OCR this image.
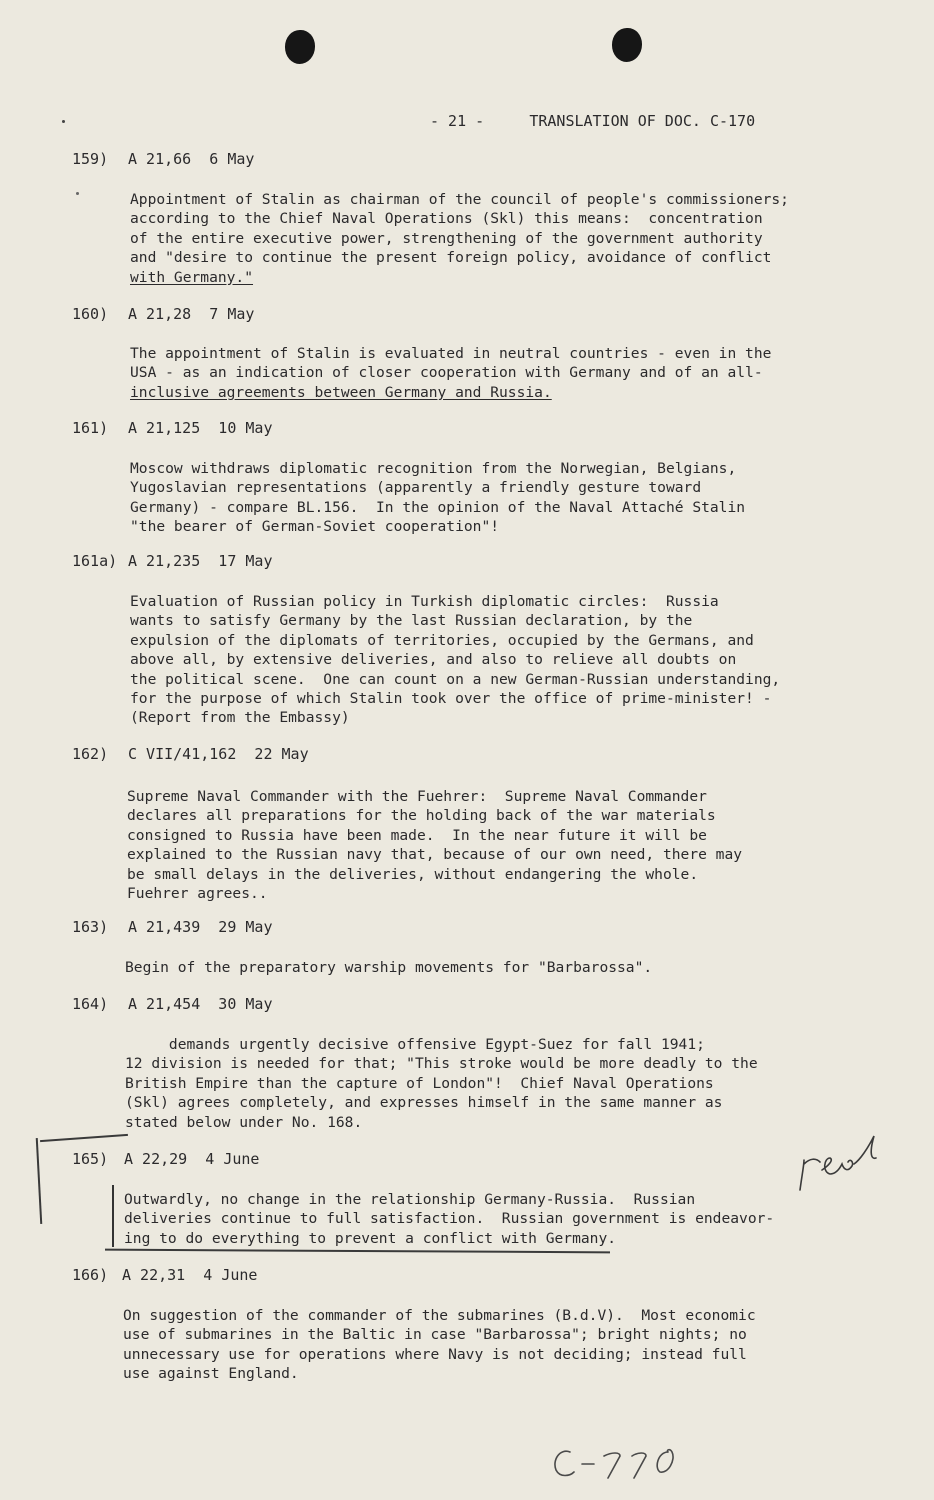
- 21 -     TRANSLATION OF DOC. C-170
159) A 21,66  6 May
Appointment of Stalin as chairman of the council of people's commissioners;
according to the Chief Naval Operations (Skl) this means:  concentration
of the entire executive power, strengthening of the government authority
and "desire to continue the present foreign policy, avoidance of conflict
with Germany."
160) A 21,28  7 May
The appointment of Stalin is evaluated in neutral countries - even in the
USA - as an indication of closer cooperation with Germany and of an all-
inclusive agreements between Germany and Russia.
161) A 21,125  10 May
Moscow withdraws diplomatic recognition from the Norwegian, Belgians,
Yugoslavian representations (apparently a friendly gesture toward
Germany) - compare BL.156.  In the opinion of the Naval Attaché Stalin
"the bearer of German-Soviet cooperation"!
161a) A 21,235  17 May
Evaluation of Russian policy in Turkish diplomatic circles:  Russia
wants to satisfy Germany by the last Russian declaration, by the
expulsion of the diplomats of territories, occupied by the Germans, and
above all, by extensive deliveries, and also to relieve all doubts on
the political scene.  One can count on a new German-Russian understanding,
for the purpose of which Stalin took over the office of prime-minister! -
(Report from the Embassy)
162) C VII/41,162  22 May
Supreme Naval Commander with the Fuehrer:  Supreme Naval Commander
declares all preparations for the holding back of the war materials
consigned to Russia have been made.  In the near future it will be
explained to the Russian navy that, because of our own need, there may
be small delays in the deliveries, without endangering the whole.
Fuehrer agrees..
163) A 21,439  29 May
Begin of the preparatory warship movements for "Barbarossa".
164) A 21,454  30 May
demands urgently decisive offensive Egypt-Suez for fall 1941;
12 division is needed for that; "This stroke would be more deadly to the
British Empire than the capture of London"!  Chief Naval Operations
(Skl) agrees completely, and expresses himself in the same manner as
stated below under No. 168.
165) A 22,29  4 June
Outwardly, no change in the relationship Germany-Russia.  Russian
deliveries continue to full satisfaction.  Russian government is endeavor-
ing to do everything to prevent a conflict with Germany.
166) A 22,31  4 June
On suggestion of the commander of the submarines (B.d.V).  Most economic
use of submarines in the Baltic in case "Barbarossa"; bright nights; no
unnecessary use for operations where Navy is not deciding; instead full
use against England.
